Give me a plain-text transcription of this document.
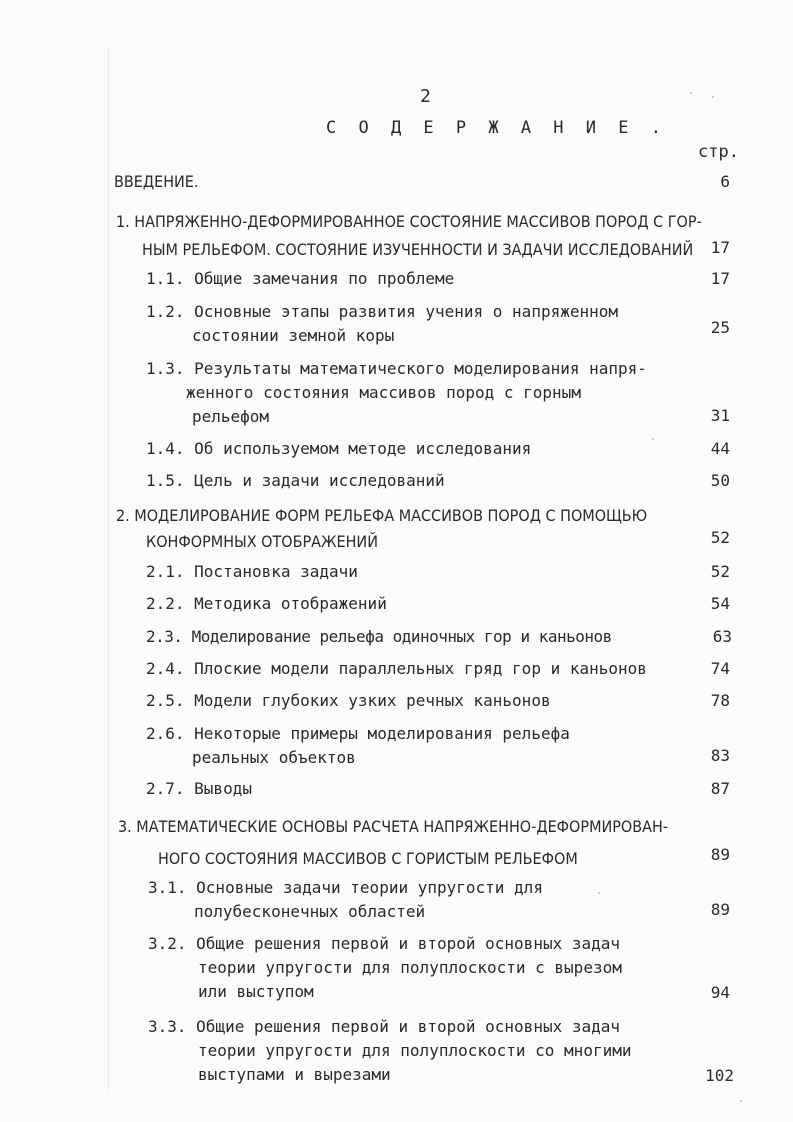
2
С О Д Е Р Ж А Н И Е .
стр.
ВВЕДЕНИЕ.	6
1. НАПРЯЖЕННО-ДЕФОРМИРОВАННОЕ СОСТОЯНИЕ МАССИВОВ ПОРОД С ГОР-
НЫМ РЕЛЬЕФОМ. СОСТОЯНИЕ ИЗУЧЕННОСТИ И ЗАДАЧИ ИССЛЕДОВАНИЙ	17
1.1. Общие замечания по проблеме	17
1.2. Основные этапы развития учения о напряженном
состоянии земной коры	25
1.3. Результаты математического моделирования напря-
женного состояния массивов пород с горным
рельефом	31
1.4. Об используемом методе исследования	44
1.5. Цель и задачи исследований	50
2. МОДЕЛИРОВАНИЕ ФОРМ РЕЛЬЕФА МАССИВОВ ПОРОД С ПОМОЩЬЮ
КОНФОРМНЫХ ОТОБРАЖЕНИЙ	52
2.1. Постановка задачи	52
2.2. Методика отображений	54
2.3. Моделирование рельефа одиночных гор и каньонов	63
2.4. Плоские модели параллельных гряд гор и каньонов	74
2.5. Модели глубоких узких речных каньонов	78
2.6. Некоторые примеры моделирования рельефа
реальных объектов	83
2.7. Выводы	87
3. МАТЕМАТИЧЕСКИЕ ОСНОВЫ РАСЧЕТА НАПРЯЖЕННО-ДЕФОРМИРОВАН-
НОГО СОСТОЯНИЯ МАССИВОВ С ГОРИСТЫМ РЕЛЬЕФОМ	89
3.1. Основные задачи теории упругости для
полубесконечных областей	89
3.2. Общие решения первой и второй основных задач
теории упругости для полуплоскости с вырезом
или выступом	94
3.3. Общие решения первой и второй основных задач
теории упругости для полуплоскости со многими
выступами и вырезами	102
